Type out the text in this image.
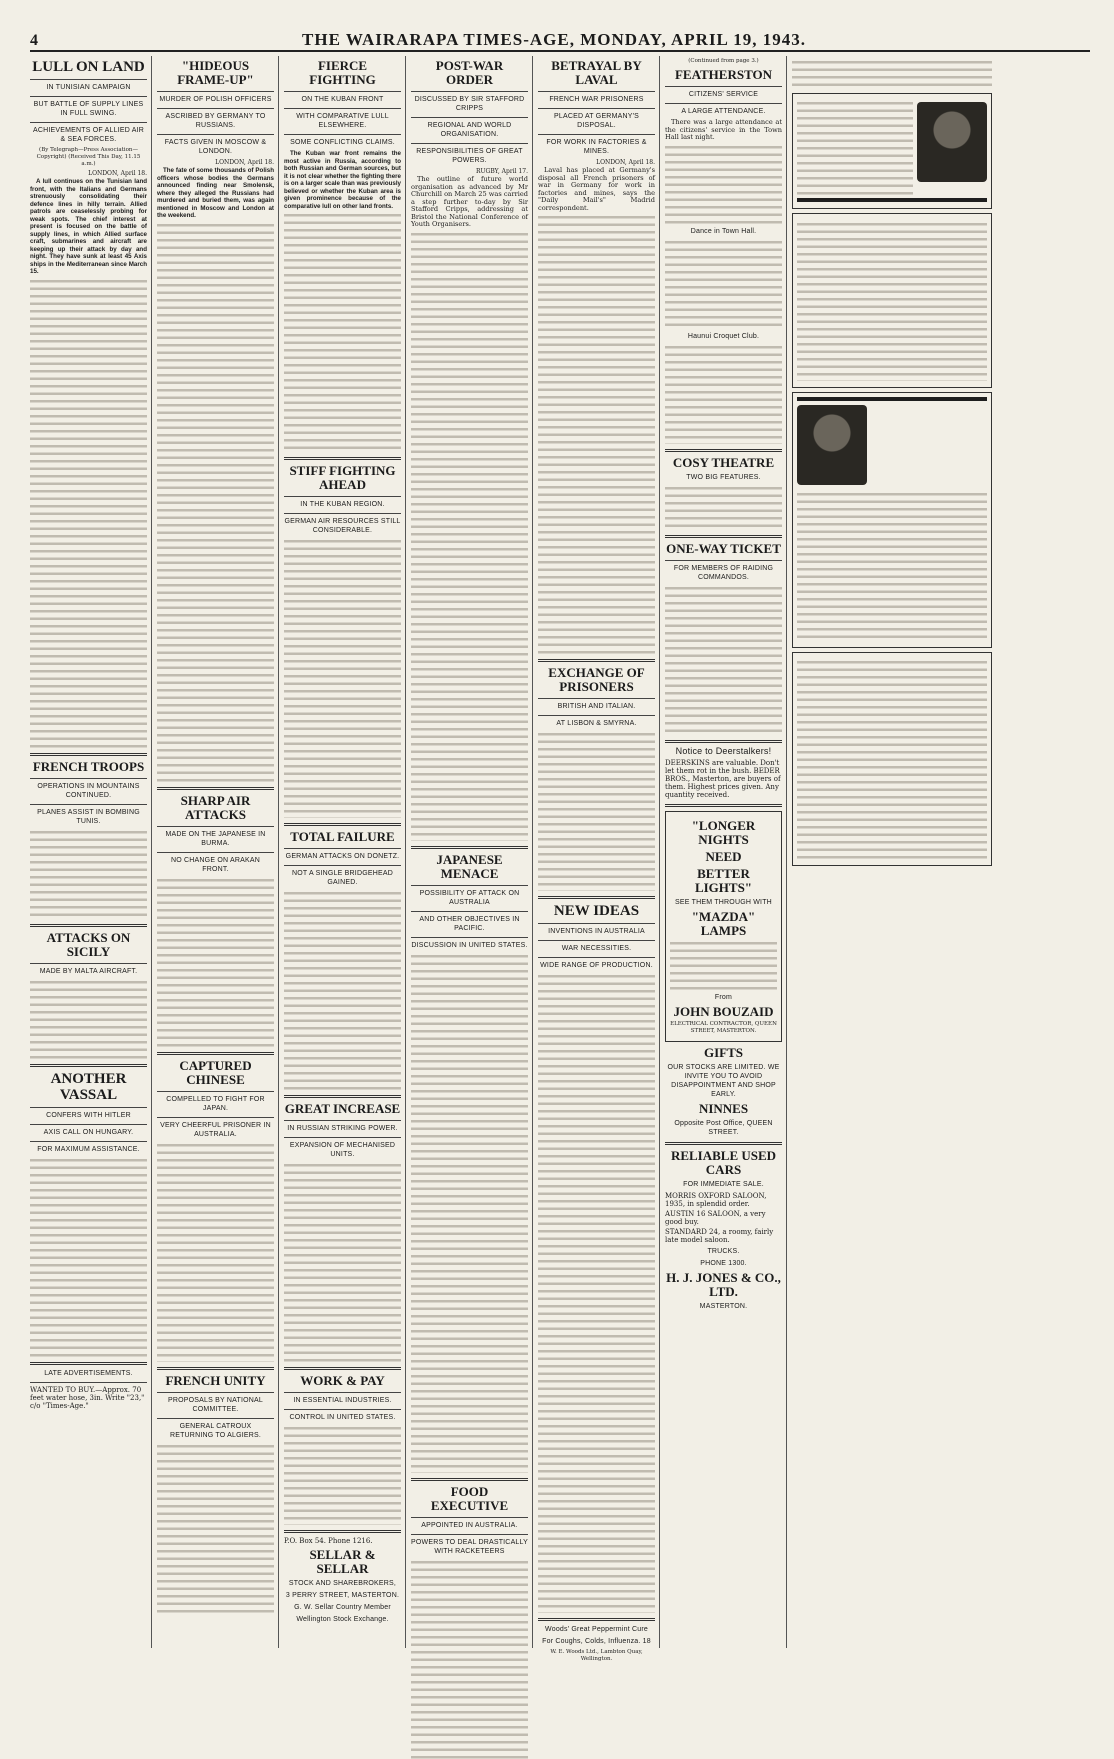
4	THE WAIRARAPA TIMES-AGE, MONDAY, APRIL 19, 1943.
LULL ON LAND
IN TUNISIAN CAMPAIGN
BUT BATTLE OF SUPPLY LINES IN FULL SWING.
ACHIEVEMENTS OF ALLIED AIR & SEA FORCES.
(By Telegraph—Press Association—Copyright) (Received This Day, 11.15 a.m.)
LONDON, April 18.
A lull continues on the Tunisian land front, with the Italians and Germans strenuously consolidating their defence lines in hilly terrain. Allied patrols are ceaselessly probing for weak spots. The chief interest at present is focused on the battle of supply lines, in which Allied surface craft, submarines and aircraft are keeping up their attack by day and night. They have sunk at least 45 Axis ships in the Mediterranean since March 15.
FRENCH TROOPS
OPERATIONS IN MOUNTAINS CONTINUED.
PLANES ASSIST IN BOMBING TUNIS.
ATTACKS ON SICILY
MADE BY MALTA AIRCRAFT.
ANOTHER VASSAL
CONFERS WITH HITLER
AXIS CALL ON HUNGARY.
FOR MAXIMUM ASSISTANCE.
LATE ADVERTISEMENTS.
WANTED TO BUY.—Approx. 70 feet water hose, 3in. Write "23," c/o "Times-Age."
"HIDEOUS FRAME-UP"
MURDER OF POLISH OFFICERS
ASCRIBED BY GERMANY TO RUSSIANS.
FACTS GIVEN IN MOSCOW & LONDON.
LONDON, April 18.
The fate of some thousands of Polish officers whose bodies the Germans announced finding near Smolensk, where they alleged the Russians had murdered and buried them, was again mentioned in Moscow and London at the weekend.
SHARP AIR ATTACKS
MADE ON THE JAPANESE IN BURMA.
NO CHANGE ON ARAKAN FRONT.
CAPTURED CHINESE
COMPELLED TO FIGHT FOR JAPAN.
VERY CHEERFUL PRISONER IN AUSTRALIA.
FRENCH UNITY
PROPOSALS BY NATIONAL COMMITTEE.
GENERAL CATROUX RETURNING TO ALGIERS.
FIERCE FIGHTING
ON THE KUBAN FRONT
WITH COMPARATIVE LULL ELSEWHERE.
SOME CONFLICTING CLAIMS.
The Kuban war front remains the most active in Russia, according to both Russian and German sources, but it is not clear whether the fighting there is on a larger scale than was previously believed or whether the Kuban area is given prominence because of the comparative lull on other land fronts.
STIFF FIGHTING AHEAD
IN THE KUBAN REGION.
GERMAN AIR RESOURCES STILL CONSIDERABLE.
TOTAL FAILURE
GERMAN ATTACKS ON DONETZ.
NOT A SINGLE BRIDGEHEAD GAINED.
GREAT INCREASE
IN RUSSIAN STRIKING POWER.
EXPANSION OF MECHANISED UNITS.
WORK & PAY
IN ESSENTIAL INDUSTRIES.
CONTROL IN UNITED STATES.
P.O. Box 54. Phone 1216.
SELLAR & SELLAR
STOCK AND SHAREBROKERS,
3 PERRY STREET, MASTERTON.
G. W. Sellar Country Member
Wellington Stock Exchange.
POST-WAR ORDER
DISCUSSED BY SIR STAFFORD CRIPPS
REGIONAL AND WORLD ORGANISATION.
RESPONSIBILITIES OF GREAT POWERS.
RUGBY, April 17.
The outline of future world organisation as advanced by Mr Churchill on March 25 was carried a step further to-day by Sir Stafford Cripps, addressing at Bristol the National Conference of Youth Organisers.
JAPANESE MENACE
POSSIBILITY OF ATTACK ON AUSTRALIA
AND OTHER OBJECTIVES IN PACIFIC.
DISCUSSION IN UNITED STATES.
FOOD EXECUTIVE
APPOINTED IN AUSTRALIA.
POWERS TO DEAL DRASTICALLY WITH RACKETEERS
BETRAYAL BY LAVAL
FRENCH WAR PRISONERS
PLACED AT GERMANY'S DISPOSAL.
FOR WORK IN FACTORIES & MINES.
LONDON, April 18.
Laval has placed at Germany's disposal all French prisoners of war in Germany for work in factories and mines, says the "Daily Mail's" Madrid correspondent.
EXCHANGE OF PRISONERS
BRITISH AND ITALIAN.
AT LISBON & SMYRNA.
NEW IDEAS
INVENTIONS IN AUSTRALIA
WAR NECESSITIES.
WIDE RANGE OF PRODUCTION.
Woods' Great Peppermint Cure
For Coughs, Colds, Influenza. 18
W. E. Woods Ltd., Lambton Quay, Wellington.
(Continued from page 3.)
FEATHERSTON
CITIZENS' SERVICE
A LARGE ATTENDANCE.
There was a large attendance at the citizens' service in the Town Hall last night.
Dance in Town Hall.
Haunui Croquet Club.
COSY THEATRE
TWO BIG FEATURES.
ONE-WAY TICKET
FOR MEMBERS OF RAIDING COMMANDOS.
Notice to Deerstalkers!
DEERSKINS are valuable. Don't let them rot in the bush. BEDER BROS., Masterton, are buyers of them. Highest prices given. Any quantity received.
"LONGER NIGHTS
NEED
BETTER LIGHTS"
SEE THEM THROUGH WITH
"MAZDA" LAMPS
From
JOHN BOUZAID
ELECTRICAL CONTRACTOR, QUEEN STREET, MASTERTON.
GIFTS
OUR STOCKS ARE LIMITED. WE INVITE YOU TO AVOID DISAPPOINTMENT AND SHOP EARLY.
NINNES
Opposite Post Office, QUEEN STREET.
RELIABLE USED CARS
FOR IMMEDIATE SALE.
MORRIS OXFORD SALOON, 1935, in splendid order.
AUSTIN 16 SALOON, a very good buy.
STANDARD 24, a roomy, fairly late model saloon.
TRUCKS.
PHONE 1300.
H. J. JONES & CO., LTD.
MASTERTON.
